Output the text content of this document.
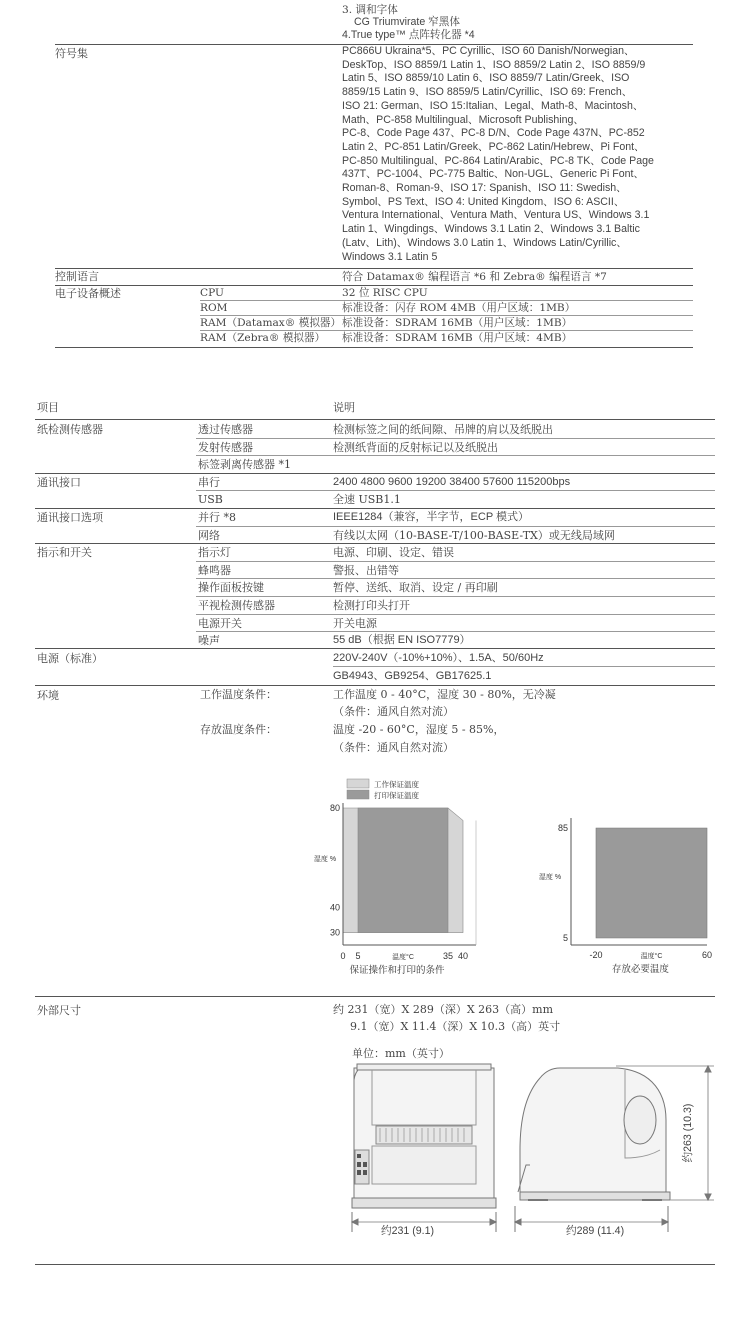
3. 调和字体
CG Triumvirate 窄黑体
4.True type™ 点阵转化器 *4
符号集	PC866U Ukraina*5、PC Cyrillic、ISO 60 Danish/Norwegian、
DeskTop、ISO 8859/1 Latin 1、ISO 8859/2 Latin 2、ISO 8859/9
Latin 5、ISO 8859/10 Latin 6、ISO 8859/7 Latin/Greek、ISO
8859/15 Latin 9、ISO 8859/5 Latin/Cyrillic、ISO 69: French、
ISO 21: German、ISO 15:Italian、Legal、Math-8、Macintosh、
Math、PC-858 Multilingual、Microsoft Publishing、
PC-8、Code Page 437、PC-8 D/N、Code Page 437N、PC-852
Latin 2、PC-851 Latin/Greek、PC-862 Latin/Hebrew、Pi Font、
PC-850 Multilingual、PC-864 Latin/Arabic、PC-8 TK、Code Page
437T、PC-1004、PC-775 Baltic、Non-UGL、Generic Pi Font、
Roman-8、Roman-9、ISO 17: Spanish、ISO 11: Swedish、
Symbol、PS Text、ISO 4: United Kingdom、ISO 6: ASCII、
Ventura International、Ventura Math、Ventura US、Windows 3.1
Latin 1、Wingdings、Windows 3.1 Latin 2、Windows 3.1 Baltic
(Latv、Lith)、Windows 3.0 Latin 1、Windows Latin/Cyrillic、
Windows 3.1 Latin 5
控制语言	符合 Datamax® 编程语言 *6 和 Zebra® 编程语言 *7
电子设备概述	CPU	32 位 RISC CPU
ROM	标准设备：闪存 ROM 4MB（用户区域：1MB）
RAM（Datamax® 模拟器） 标准设备：SDRAM 16MB（用户区域：1MB）
RAM（Zebra® 模拟器） 标准设备：SDRAM 16MB（用户区域：4MB）
项目	说明
纸检测传感器	透过传感器	检测标签之间的纸间隙、吊牌的肩以及纸脱出
发射传感器	检测纸背面的反射标记以及纸脱出
标签剥离传感器 *1
通讯接口	串行	2400 4800 9600 19200 38400 57600 115200bps
USB	全速 USB1.1
通讯接口选项	并行 *8	IEEE1284（兼容，半字节，ECP 模式）
网络	有线以太网（10-BASE-T/100-BASE-TX）或无线局域网
指示和开关	指示灯	电源、印刷、设定、错误
蜂鸣器	警报、出错等
操作面板按键	暂停、送纸、取消、设定 / 再印刷
平视检测传感器	检测打印头打开
电源开关	开关电源
噪声	55 dB（根据 EN ISO7779）
电源（标准）	220V-240V（-10%+10%）、1.5A、50/60Hz
GB4943、GB9254、GB17625.1
环境	工作温度条件：	工作温度 0 - 40°C，湿度 30 - 80%，无冷凝
（条件：通风自然对流）
存放温度条件：	温度 -20 - 60°C，湿度 5 - 85%，
（条件：通风自然对流）
30
40
80
0 5	35 40
温度°C
湿度 %
保证操作和打印的条件
工作保证温度
打印保证温度
5
85
-20	60
温度°C
湿度 %
存放必要温度
外部尺寸	约 231（宽）X 289（深）X 263（高）mm
9.1（宽）X 11.4（深）X 10.3（高）英寸
单位：mm（英寸）
约231 (9.1)	约289 (11.4)
约263 (10.3)
